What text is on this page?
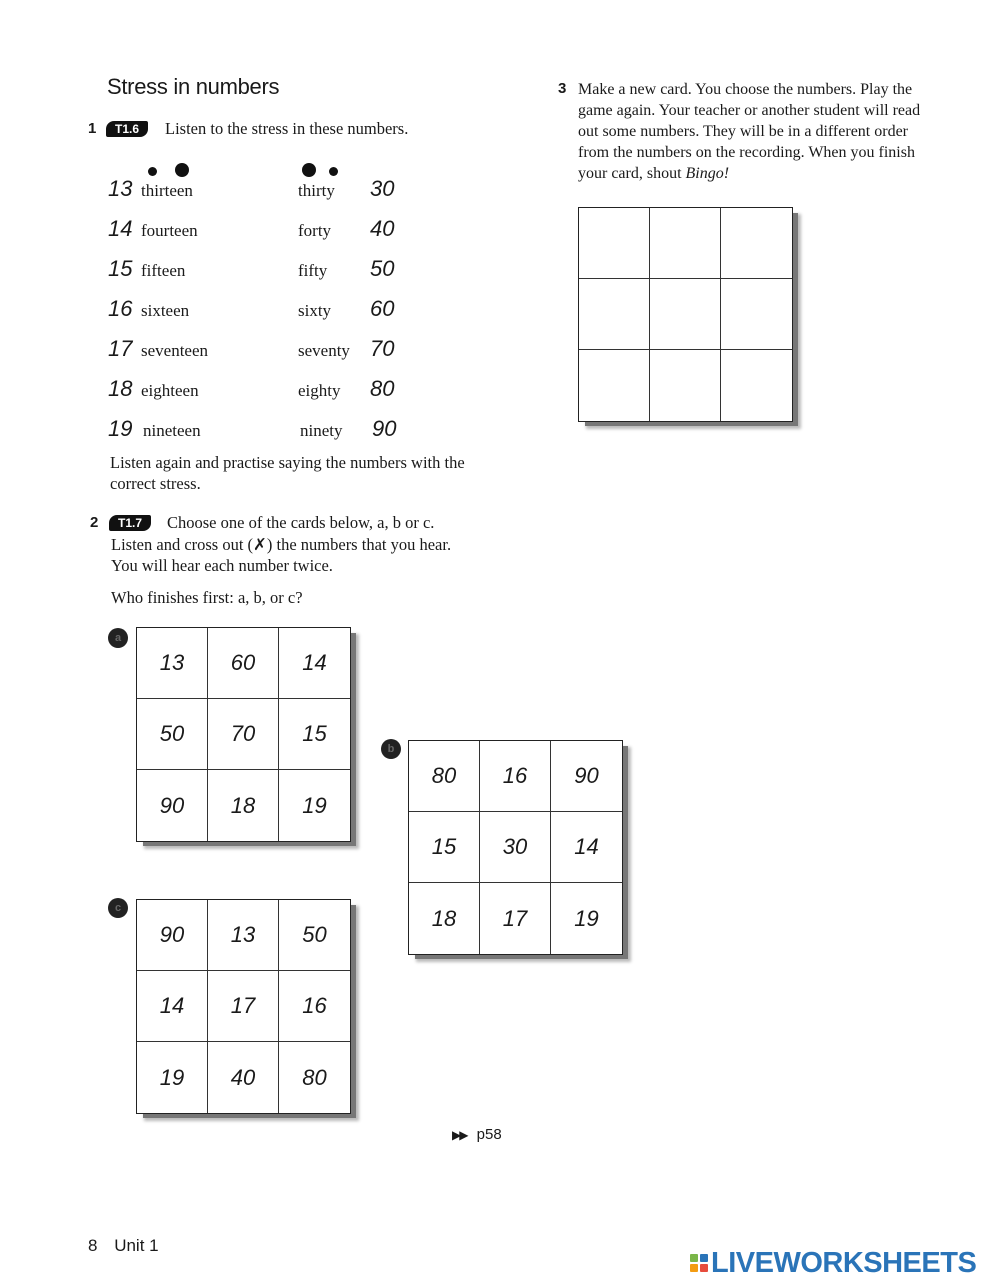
Stress in numbers
1	T1.6	Listen to the stress in these numbers.
13 thirteen	thirty 30
14 fourteen	forty 40
15 fifteen	fifty 50
16 sixteen	sixty 60
17 seventeen	seventy 70
18 eighteen	eighty 80
19 nineteen	ninety 90
Listen again and practise saying the numbers with the
correct stress.
2	T1.7	Choose one of the cards below, a, b or c.
Listen and cross out (✗) the numbers that you hear.
You will hear each number twice.
Who finishes first: a, b, or c?
a
13	60	14
50	70	15
90	18	19
b
80	16	90
15	30	14
18	17	19
c
90	13	50
14	17	16
19	40	80
3 Make a new card. You choose the numbers. Play the
game again. Your teacher or another student will read
out some numbers. They will be in a different order
from the numbers on the recording. When you finish
your card, shout Bingo!
▶▶ p58
8 Unit 1
LIVEWORKSHEETS
